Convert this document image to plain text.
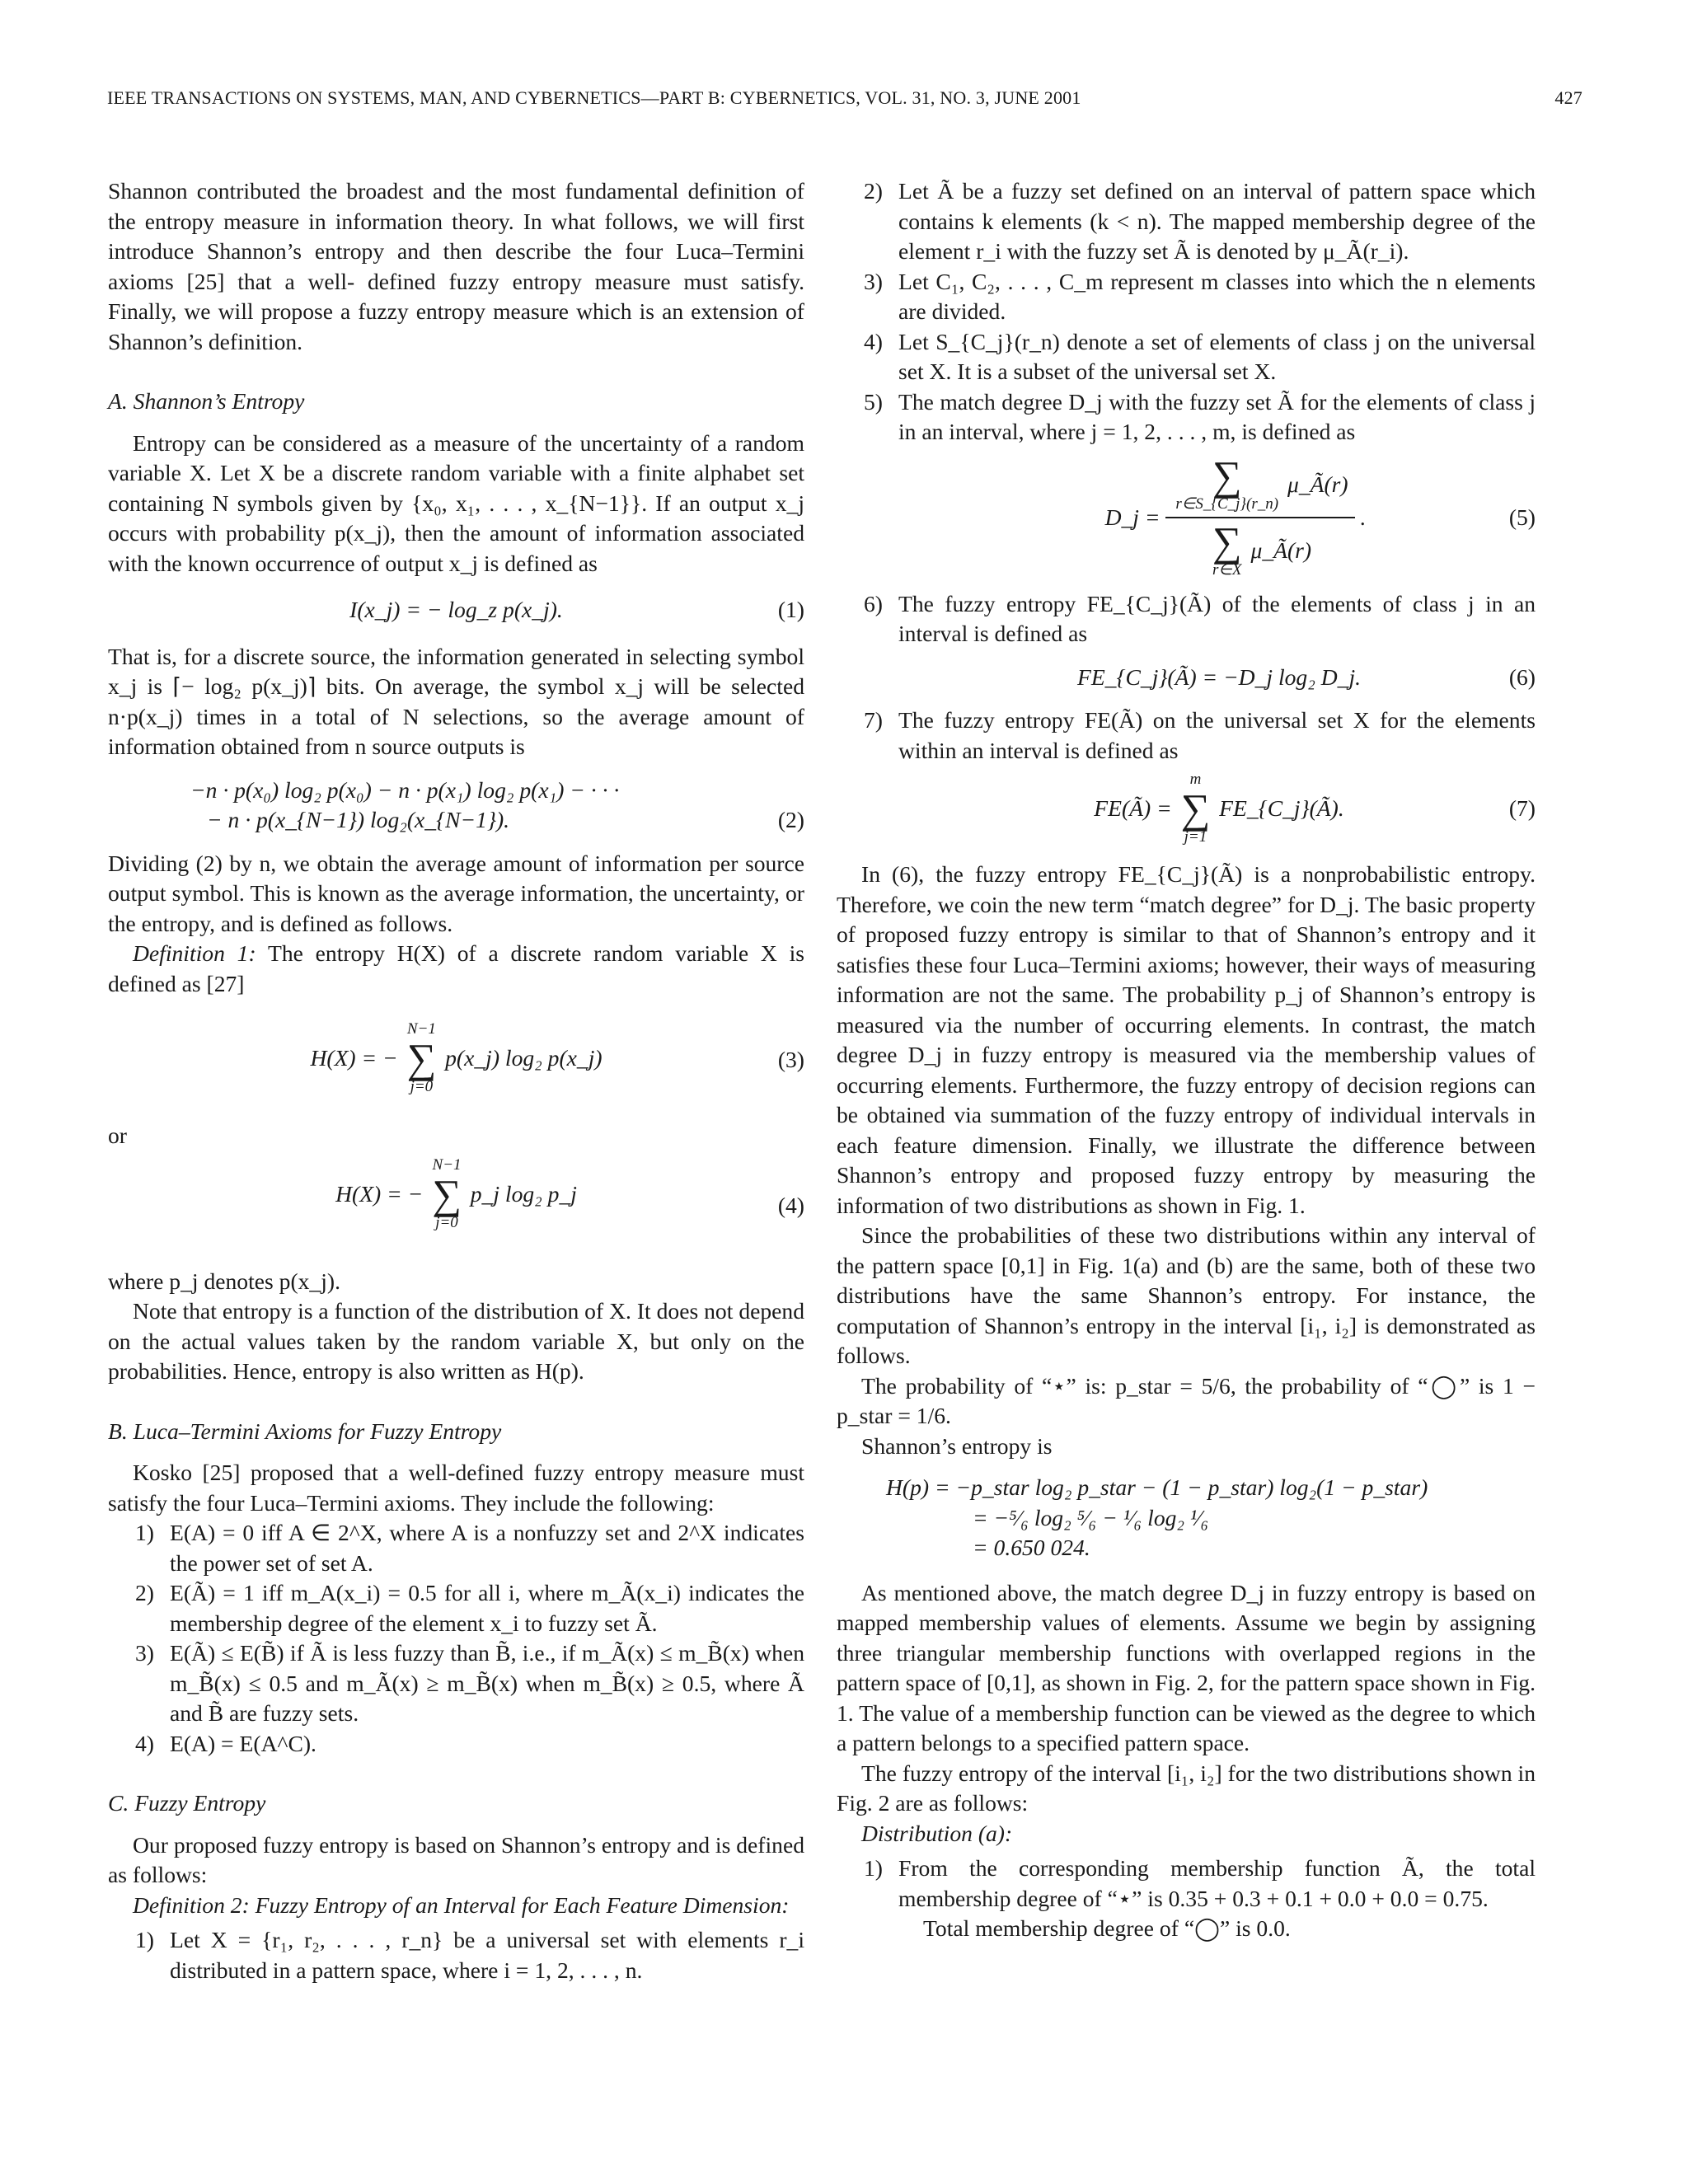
IEEE TRANSACTIONS ON SYSTEMS, MAN, AND CYBERNETICS—PART B: CYBERNETICS, VOL. 31, NO. 3, JUNE 2001	427

Shannon contributed the broadest and the most fundamental definition of the entropy measure in information theory. In what follows, we will first introduce Shannon’s entropy and then describe the four Luca–Termini axioms [25] that a well- defined fuzzy entropy measure must satisfy. Finally, we will propose a fuzzy entropy measure which is an extension of Shannon’s definition.

A. Shannon’s Entropy

Entropy can be considered as a measure of the uncertainty of a random variable X. Let X be a discrete random variable with a finite alphabet set containing N symbols given by {x₀, x₁, . . . , x_{N−1}}. If an output x_j occurs with probability p(x_j), then the amount of information associated with the known occurrence of output x_j is defined as

I(x_j) = − log_z p(x_j).	(1)

That is, for a discrete source, the information generated in selecting symbol x_j is ⌈− log₂ p(x_j)⌉ bits. On average, the symbol x_j will be selected n·p(x_j) times in a total of N selections, so the average amount of information obtained from n source outputs is

−n · p(x₀) log₂ p(x₀) − n · p(x₁) log₂ p(x₁) − · · ·
− n · p(x_{N−1}) log₂(x_{N−1}).	(2)

Dividing (2) by n, we obtain the average amount of information per source output symbol. This is known as the average information, the uncertainty, or the entropy, and is defined as follows.

Definition 1: The entropy H(X) of a discrete random variable X is defined as [27]

H(X) = −
N−1
∑
j=0
p(x_j) log₂ p(x_j)	(3)

or

H(X) = −
N−1
∑
j=0
p_j log₂ p_j	(4)

where p_j denotes p(x_j).

Note that entropy is a function of the distribution of X. It does not depend on the actual values taken by the random variable X, but only on the probabilities. Hence, entropy is also written as H(p).

B. Luca–Termini Axioms for Fuzzy Entropy

Kosko [25] proposed that a well-defined fuzzy entropy measure must satisfy the four Luca–Termini axioms. They include the following:

1) E(A) = 0 iff A ∈ 2^X, where A is a nonfuzzy set and 2^X indicates the power set of set A.
2) E(Ã) = 1 iff m_A(x_i) = 0.5 for all i, where m_Ã(x_i) indicates the membership degree of the element x_i to fuzzy set Ã.
3) E(Ã) ≤ E(B̃) if Ã is less fuzzy than B̃, i.e., if m_Ã(x) ≤ m_B̃(x) when m_B̃(x) ≤ 0.5 and m_Ã(x) ≥ m_B̃(x) when m_B̃(x) ≥ 0.5, where Ã and B̃ are fuzzy sets.
4) E(A) = E(A^C).

C. Fuzzy Entropy

Our proposed fuzzy entropy is based on Shannon’s entropy and is defined as follows:

Definition 2: Fuzzy Entropy of an Interval for Each Feature Dimension:

1) Let X = {r₁, r₂, . . . , r_n} be a universal set with elements r_i distributed in a pattern space, where i = 1, 2, . . . , n.
2) Let Ã be a fuzzy set defined on an interval of pattern space which contains k elements (k < n). The mapped membership degree of the element r_i with the fuzzy set Ã is denoted by μ_Ã(r_i).
3) Let C₁, C₂, . . . , C_m represent m classes into which the n elements are divided.
4) Let S_{C_j}(r_n) denote a set of elements of class j on the universal set X. It is a subset of the universal set X.
5) The match degree D_j with the fuzzy set Ã for the elements of class j in an interval, where j = 1, 2, . . . , m, is defined as
D_j = ∑
r∈S_{C_j}(r_n)
μ_Ã(r)
∑
r∈X
μ_Ã(r) .	(5)
6) The fuzzy entropy FE_{C_j}(Ã) of the elements of class j in an interval is defined as
FE_{C_j}(Ã) = −D_j log₂ D_j.	(6)
7) The fuzzy entropy FE(Ã) on the universal set X for the elements within an interval is defined as
FE(Ã) =
m
∑
j=1
FE_{C_j}(Ã).	(7)

In (6), the fuzzy entropy FE_{C_j}(Ã) is a nonprobabilistic entropy. Therefore, we coin the new term “match degree” for D_j. The basic property of proposed fuzzy entropy is similar to that of Shannon’s entropy and it satisfies these four Luca–Termini axioms; however, their ways of measuring information are not the same. The probability p_j of Shannon’s entropy is measured via the number of occurring elements. In contrast, the match degree D_j in fuzzy entropy is measured via the membership values of occurring elements. Furthermore, the fuzzy entropy of decision regions can be obtained via summation of the fuzzy entropy of individual intervals in each feature dimension. Finally, we illustrate the difference between Shannon’s entropy and proposed fuzzy entropy by measuring the information of two distributions as shown in Fig. 1.

Since the probabilities of these two distributions within any interval of the pattern space [0,1] in Fig. 1(a) and (b) are the same, both of these two distributions have the same Shannon’s entropy. For instance, the computation of Shannon’s entropy in the interval [i₁, i₂] is demonstrated as follows.

The probability of “⋆” is: p_star = 5/6, the probability of “◯” is 1 − p_star = 1/6.

Shannon’s entropy is

H(p) = −p_star log₂ p_star − (1 − p_star) log₂(1 − p_star)
= −⁵⁄₆ log₂ ⁵⁄₆ − ¹⁄₆ log₂ ¹⁄₆
= 0.650 024.

As mentioned above, the match degree D_j in fuzzy entropy is based on mapped membership values of elements. Assume we begin by assigning three triangular membership functions with overlapped regions in the pattern space of [0,1], as shown in Fig. 2, for the pattern space shown in Fig. 1. The value of a membership function can be viewed as the degree to which a pattern belongs to a specified pattern space.

The fuzzy entropy of the interval [i₁, i₂] for the two distributions shown in Fig. 2 are as follows:

Distribution (a):

1) From the corresponding membership function Ã, the total membership degree of “⋆” is 0.35 + 0.3 + 0.1 + 0.0 + 0.0 = 0.75.

Total membership degree of “◯” is 0.0.
